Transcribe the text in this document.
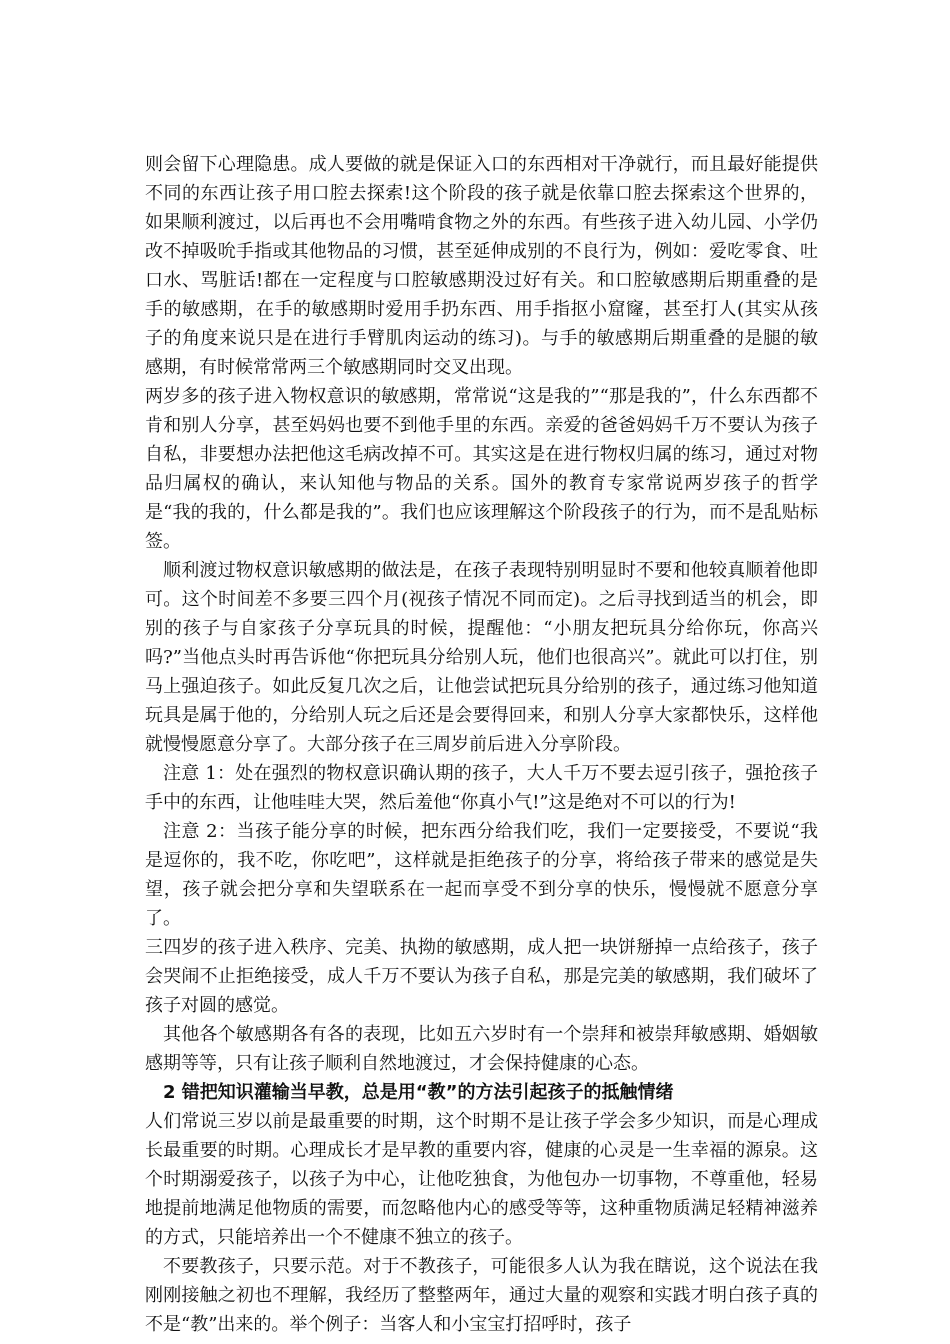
则会留下心理隐患。成人要做的就是保证入口的东西相对干净就行，而且最好能提供不同的东西让孩子用口腔去探索!这个阶段的孩子就是依靠口腔去探索这个世界的，如果顺利渡过，以后再也不会用嘴啃食物之外的东西。有些孩子进入幼儿园、小学仍改不掉吸吮手指或其他物品的习惯，甚至延伸成别的不良行为，例如：爱吃零食、吐口水、骂脏话!都在一定程度与口腔敏感期没过好有关。和口腔敏感期后期重叠的是手的敏感期，在手的敏感期时爱用手扔东西、用手指抠小窟窿，甚至打人(其实从孩子的角度来说只是在进行手臂肌肉运动的练习)。与手的敏感期后期重叠的是腿的敏感期，有时候常常两三个敏感期同时交叉出现。

两岁多的孩子进入物权意识的敏感期，常常说“这是我的”“那是我的”，什么东西都不肯和别人分享，甚至妈妈也要不到他手里的东西。亲爱的爸爸妈妈千万不要认为孩子自私，非要想办法把他这毛病改掉不可。其实这是在进行物权归属的练习，通过对物品归属权的确认，来认知他与物品的关系。国外的教育专家常说两岁孩子的哲学是“我的我的，什么都是我的”。我们也应该理解这个阶段孩子的行为，而不是乱贴标签。

顺利渡过物权意识敏感期的做法是，在孩子表现特别明显时不要和他较真顺着他即可。这个时间差不多要三四个月(视孩子情况不同而定)。之后寻找到适当的机会，即别的孩子与自家孩子分享玩具的时候，提醒他：“小朋友把玩具分给你玩，你高兴吗?”当他点头时再告诉他“你把玩具分给别人玩，他们也很高兴”。就此可以打住，别马上强迫孩子。如此反复几次之后，让他尝试把玩具分给别的孩子，通过练习他知道玩具是属于他的，分给别人玩之后还是会要得回来，和别人分享大家都快乐，这样他就慢慢愿意分享了。大部分孩子在三周岁前后进入分享阶段。

注意 1：处在强烈的物权意识确认期的孩子，大人千万不要去逗引孩子，强抢孩子手中的东西，让他哇哇大哭，然后羞他“你真小气!”这是绝对不可以的行为!

注意 2：当孩子能分享的时候，把东西分给我们吃，我们一定要接受，不要说“我是逗你的，我不吃，你吃吧”，这样就是拒绝孩子的分享，将给孩子带来的感觉是失望，孩子就会把分享和失望联系在一起而享受不到分享的快乐，慢慢就不愿意分享了。

三四岁的孩子进入秩序、完美、执拗的敏感期，成人把一块饼掰掉一点给孩子，孩子会哭闹不止拒绝接受，成人千万不要认为孩子自私，那是完美的敏感期，我们破坏了孩子对圆的感觉。

其他各个敏感期各有各的表现，比如五六岁时有一个崇拜和被崇拜敏感期、婚姻敏感期等等，只有让孩子顺利自然地渡过，才会保持健康的心态。

2 错把知识灌输当早教，总是用“教”的方法引起孩子的抵触情绪

人们常说三岁以前是最重要的时期，这个时期不是让孩子学会多少知识，而是心理成长最重要的时期。心理成长才是早教的重要内容，健康的心灵是一生幸福的源泉。这个时期溺爱孩子，以孩子为中心，让他吃独食，为他包办一切事物，不尊重他，轻易地提前地满足他物质的需要，而忽略他内心的感受等等，这种重物质满足轻精神滋养的方式，只能培养出一个不健康不独立的孩子。

不要教孩子，只要示范。对于不教孩子，可能很多人认为我在瞎说，这个说法在我刚刚接触之初也不理解，我经历了整整两年，通过大量的观察和实践才明白孩子真的不是“教”出来的。举个例子：当客人和小宝宝打招呼时，孩子
